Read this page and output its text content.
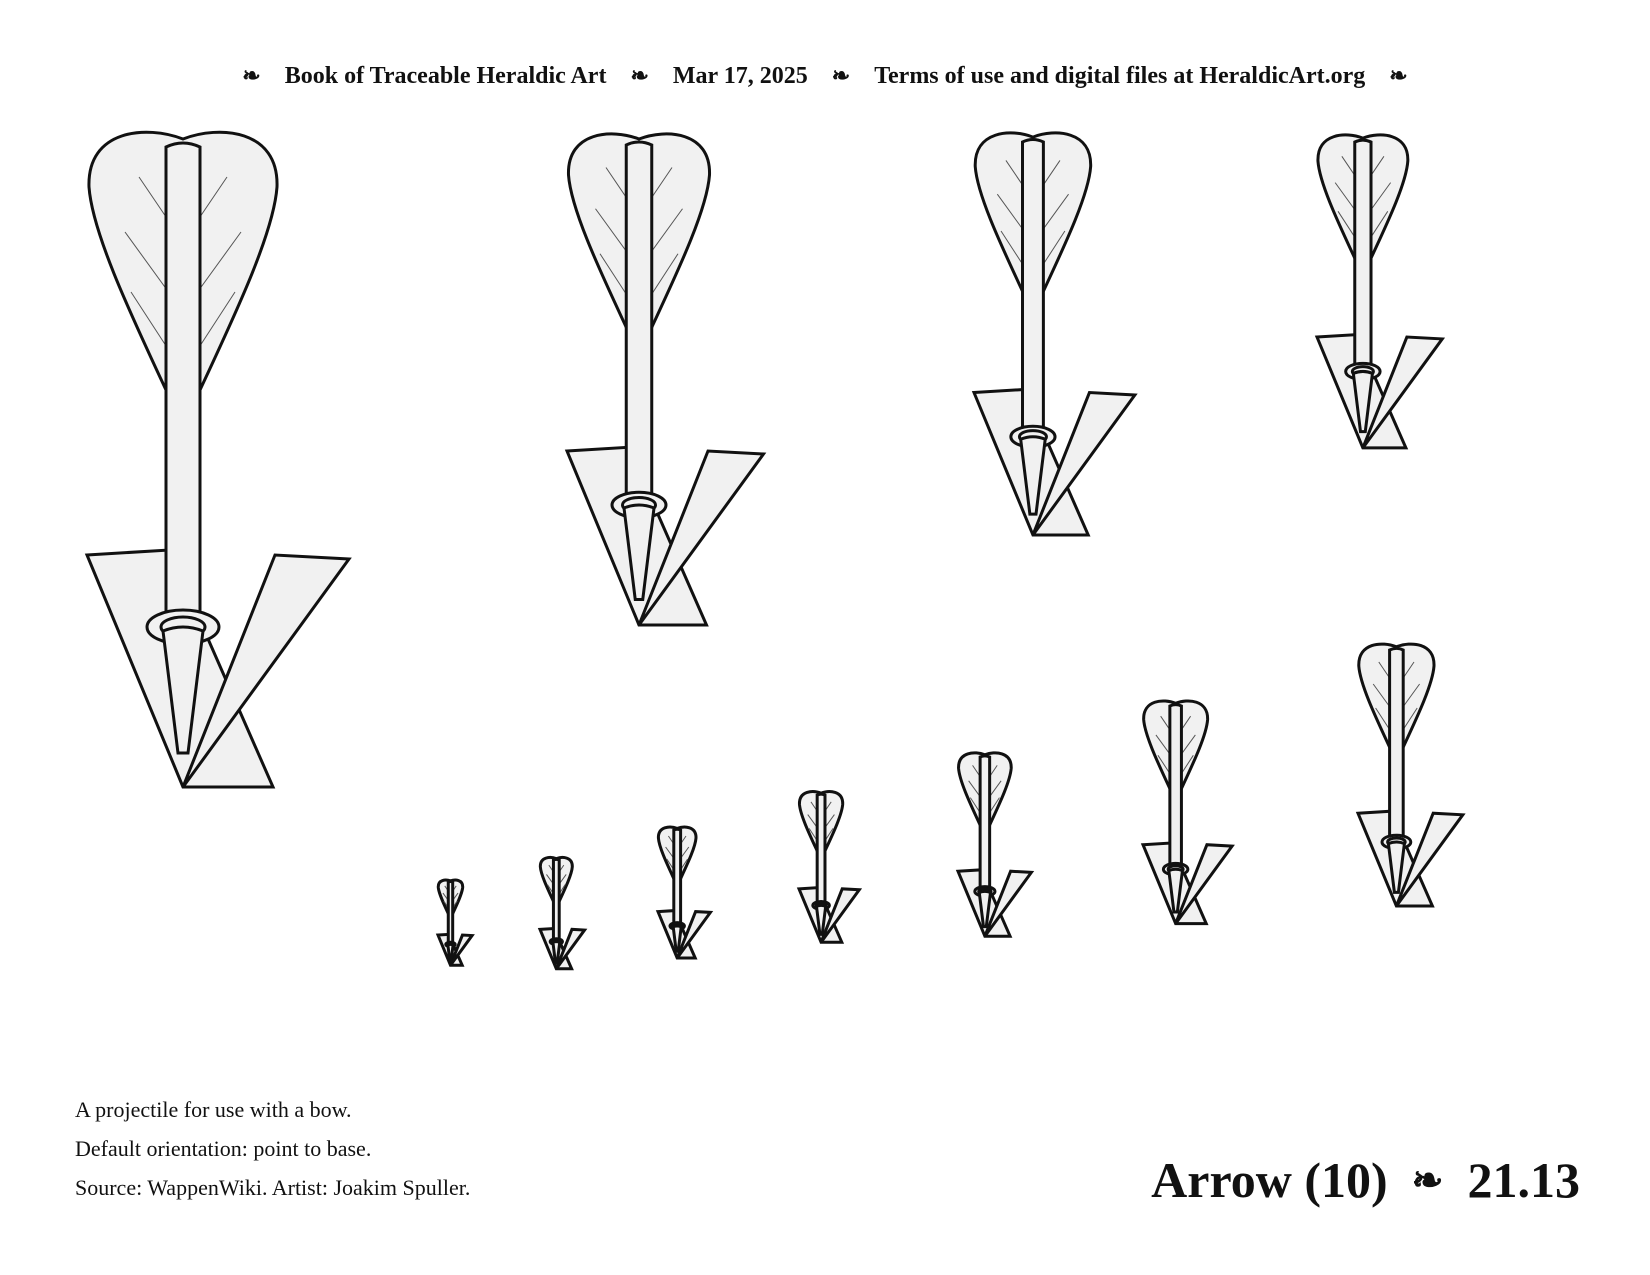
❧ Book of Traceable Heraldic Art ❧ Mar 17, 2025 ❧ Terms of use and digital files at HeraldicArt.org ❧
A projectile for use with a bow.
Default orientation: point to base.
Source: WappenWiki. Artist: Joakim Spuller.	Arrow (10) ❧ 21.13
